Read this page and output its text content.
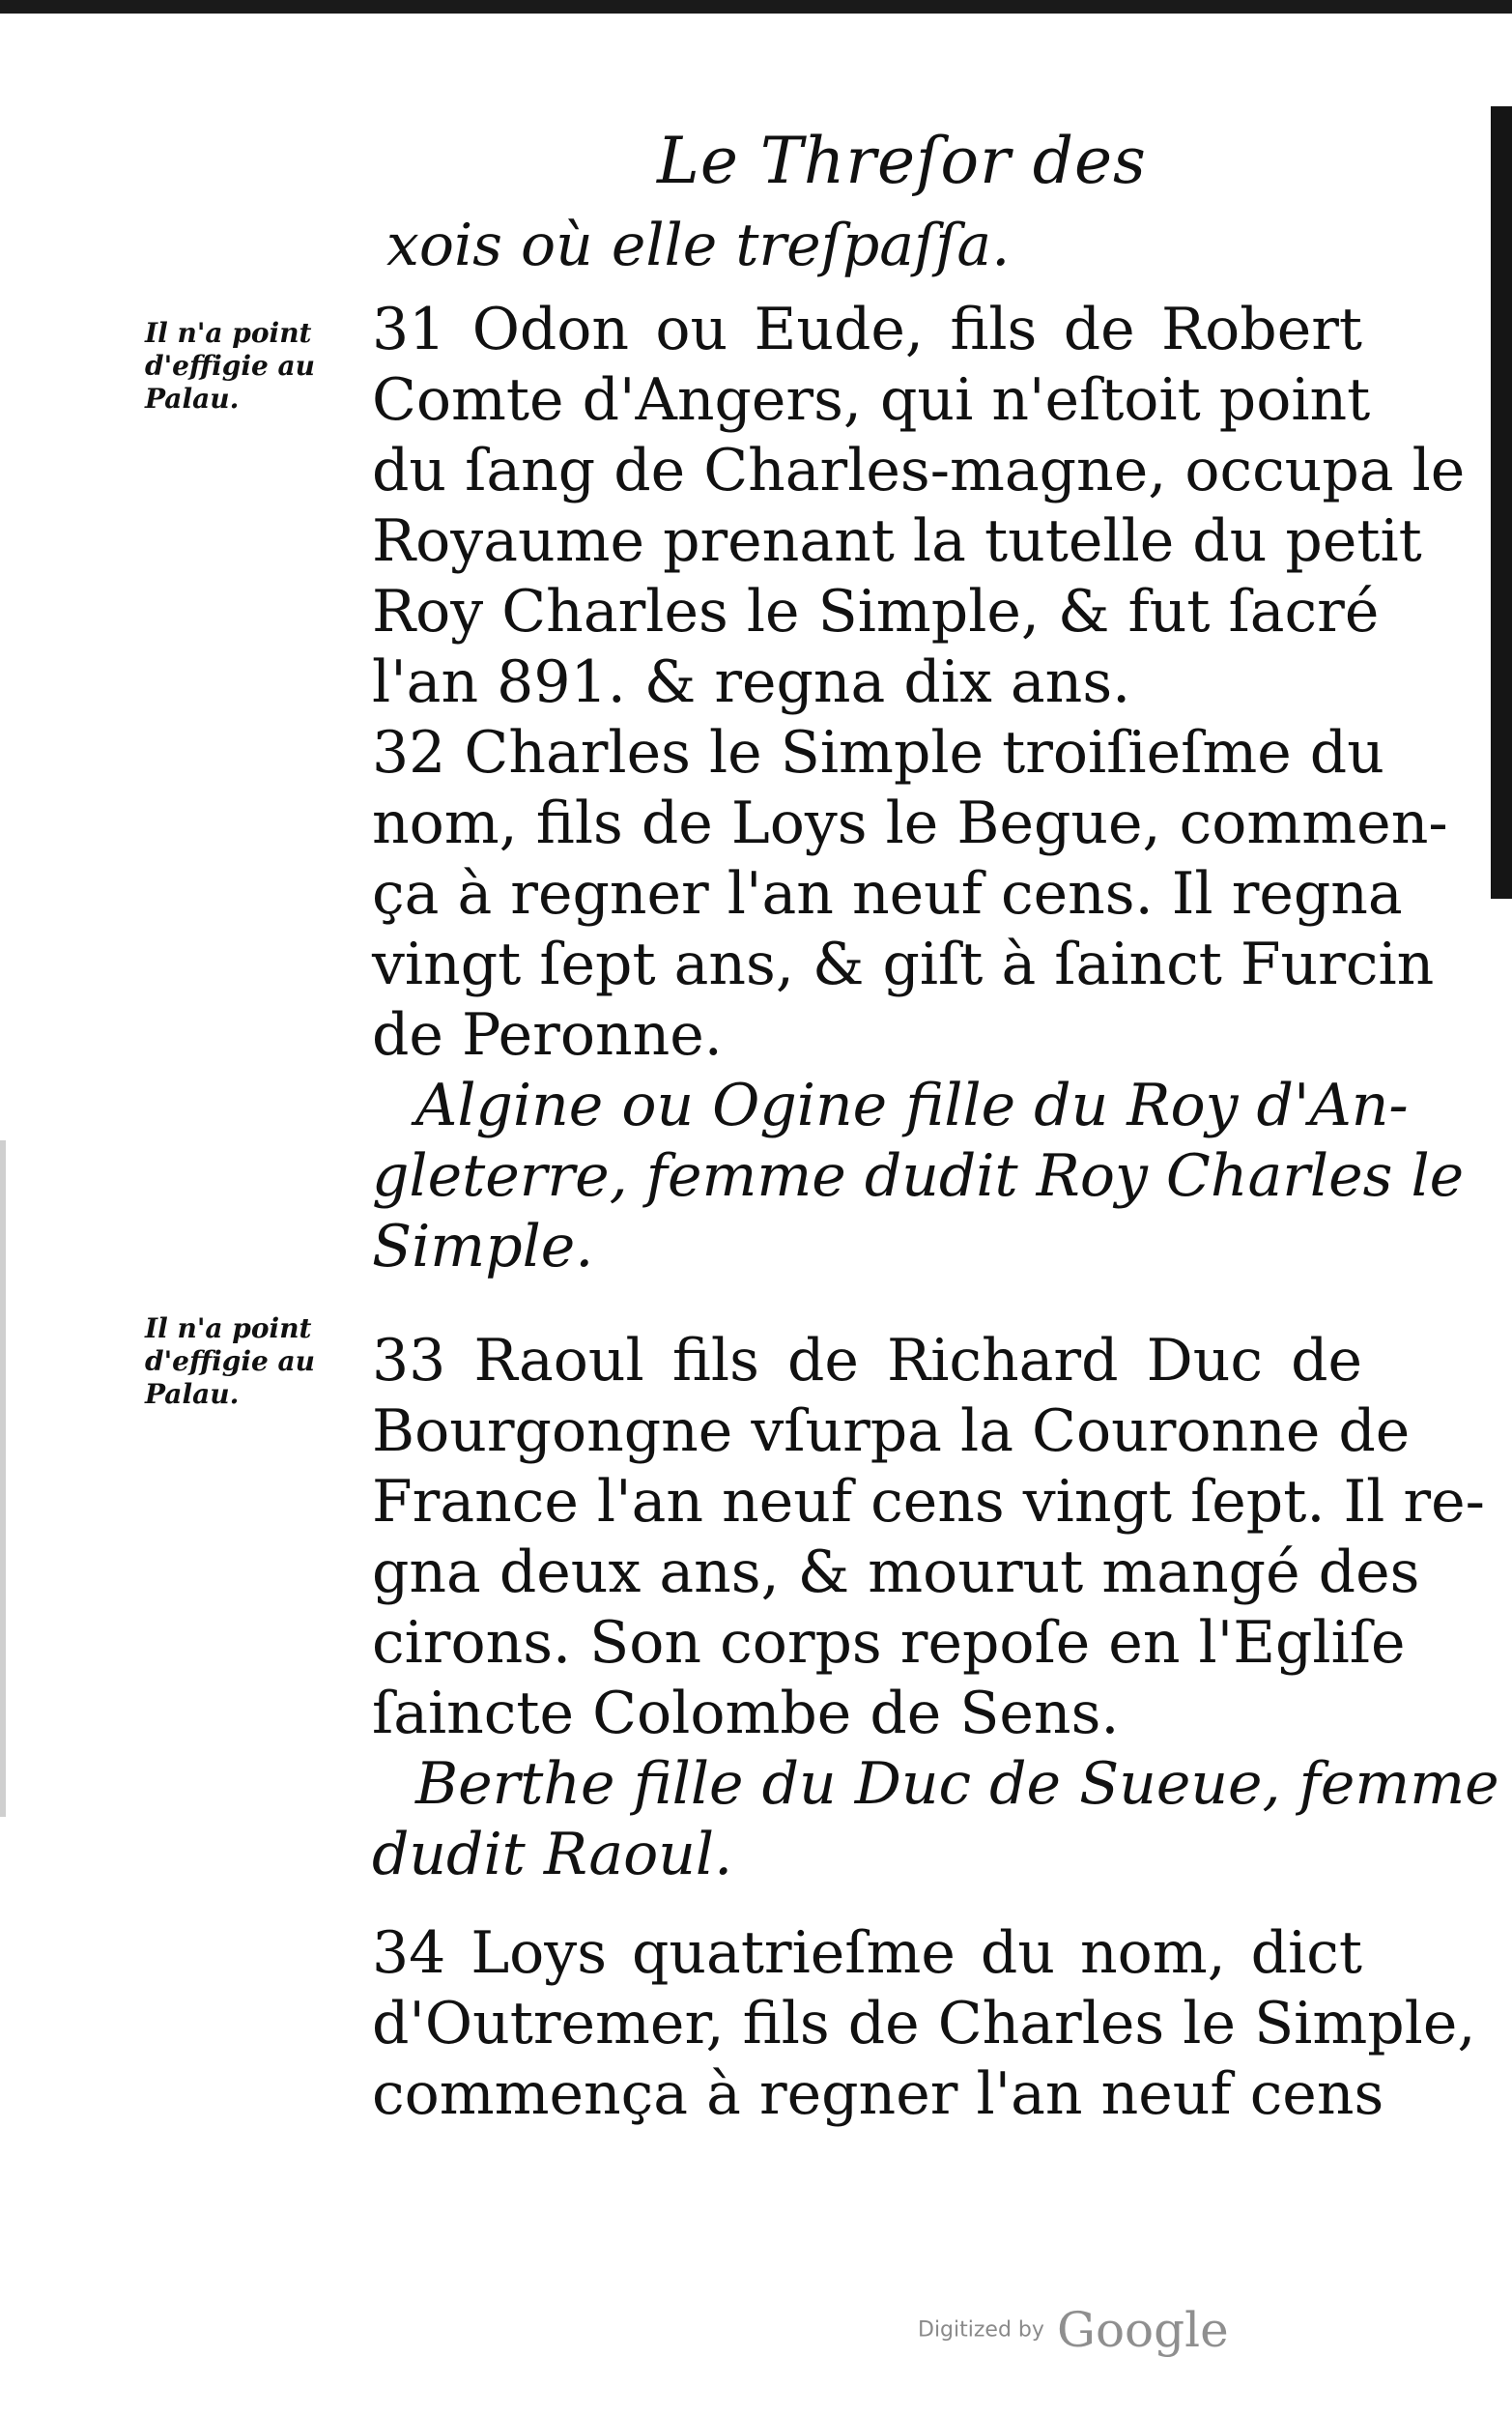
Le Threſor des
Il n'a point
d'effigie au
Palau.
Il n'a point
d'effigie au
Palau.
xois où elle treſpaſſa.
31 Odon ou Eude, fils de Robert
Comte d'Angers, qui n'eſtoit point
du ſang de Charles-magne, occupa le
Royaume prenant la tutelle du petit
Roy Charles le Simple, & fut ſacré
l'an 891. & regna dix ans.
32 Charles le Simple troiſieſme du
nom, fils de Loys le Begue, commen-
ça à regner l'an neuf cens. Il regna
vingt ſept ans, & giſt à ſainct Furcin
de Peronne.
Algine ou Ogine fille du Roy d'An-
gleterre, femme dudit Roy Charles le
Simple.
33 Raoul fils de Richard Duc de
Bourgongne vſurpa la Couronne de
France l'an neuf cens vingt ſept. Il re-
gna deux ans, & mourut mangé des
cirons. Son corps repoſe en l'Egliſe
ſaincte Colombe de Sens.
Berthe fille du Duc de Sueue, femme
dudit Raoul.
34 Loys quatrieſme du nom, dict
d'Outremer, fils de Charles le Simple,
commença à regner l'an neuf cens
Digitized by Google
